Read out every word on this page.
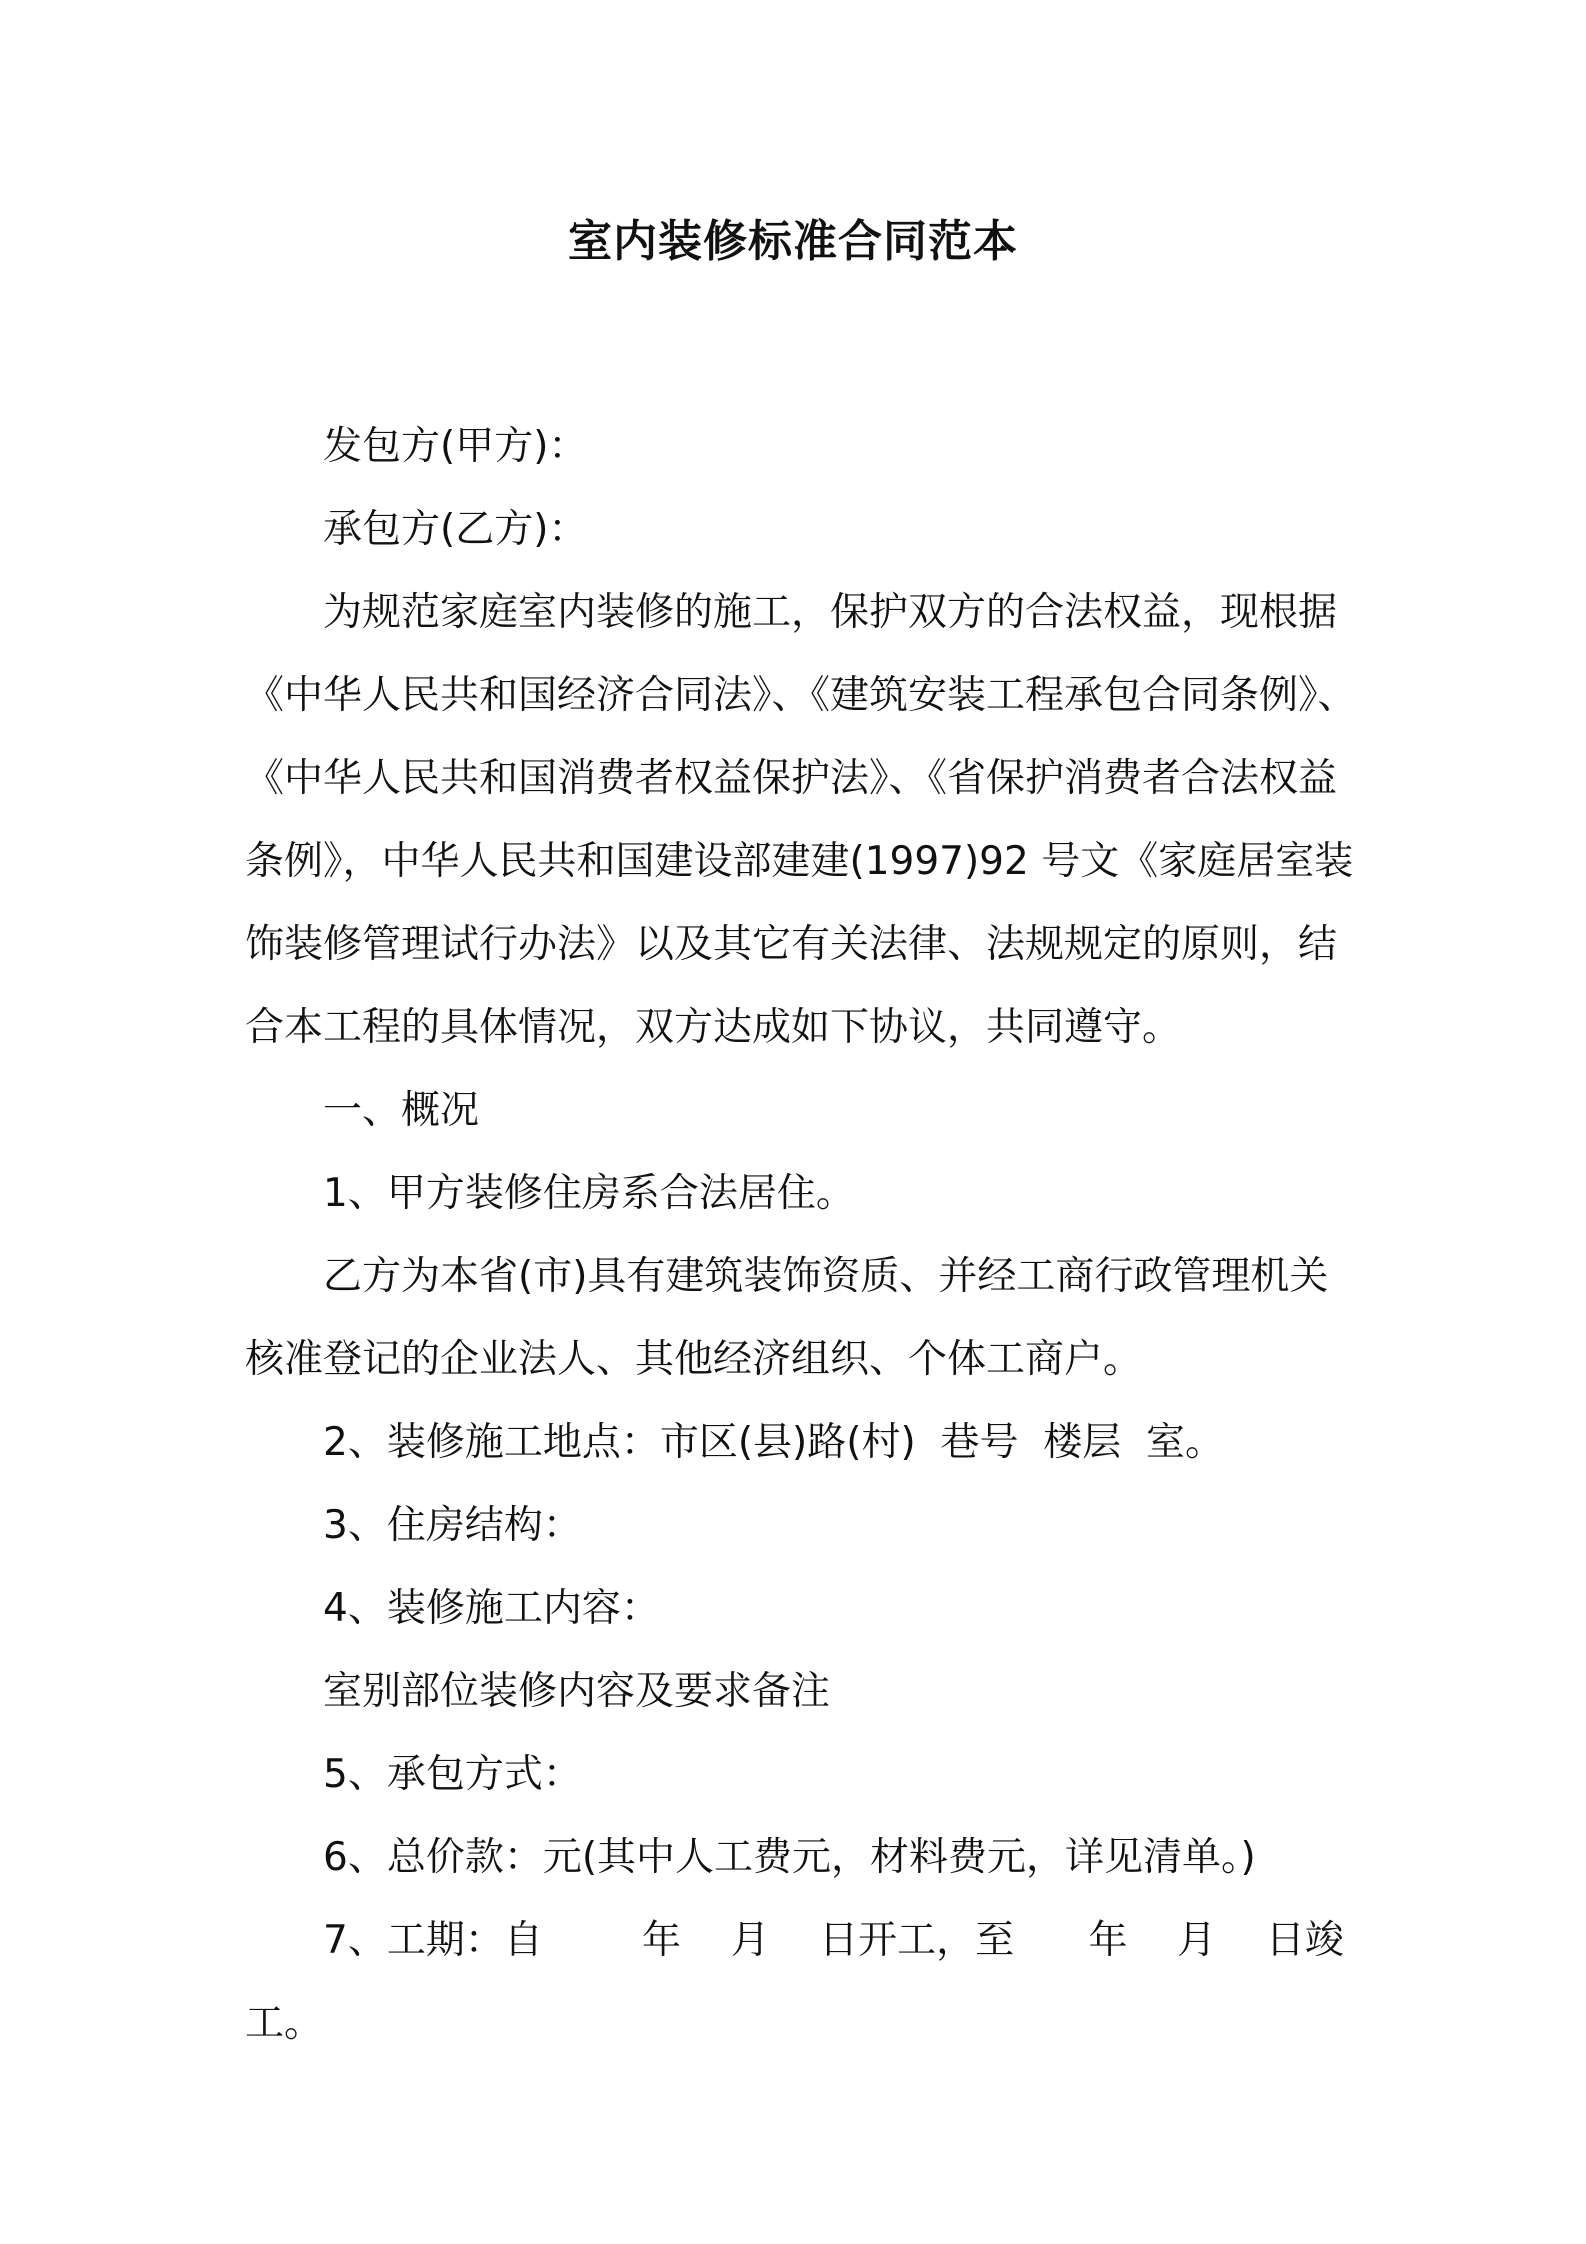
室内装修标准合同范本

发包方(甲方)：

承包方(乙方)：

为规范家庭室内装修的施工，保护双方的合法权益，现根据《中华人民共和国经济合同法》、《建筑安装工程承包合同条例》、《中华人民共和国消费者权益保护法》、《省保护消费者合法权益条例》，中华人民共和国建设部建建(1997)92 号文《家庭居室装饰装修管理试行办法》以及其它有关法律、法规规定的原则，结合本工程的具体情况，双方达成如下协议，共同遵守。

一、概况

1、甲方装修住房系合法居住。

乙方为本省(市)具有建筑装饰资质、并经工商行政管理机关核准登记的企业法人、其他经济组织、个体工商户。

2、装修施工地点：市区(县)路(村)  巷号  楼层  室。

3、住房结构：

4、装修施工内容：

室别部位装修内容及要求备注

5、承包方式：

6、总价款：元(其中人工费元，材料费元，详见清单。)

7、工期：自        年    月    日开工，至      年    月    日竣工。
